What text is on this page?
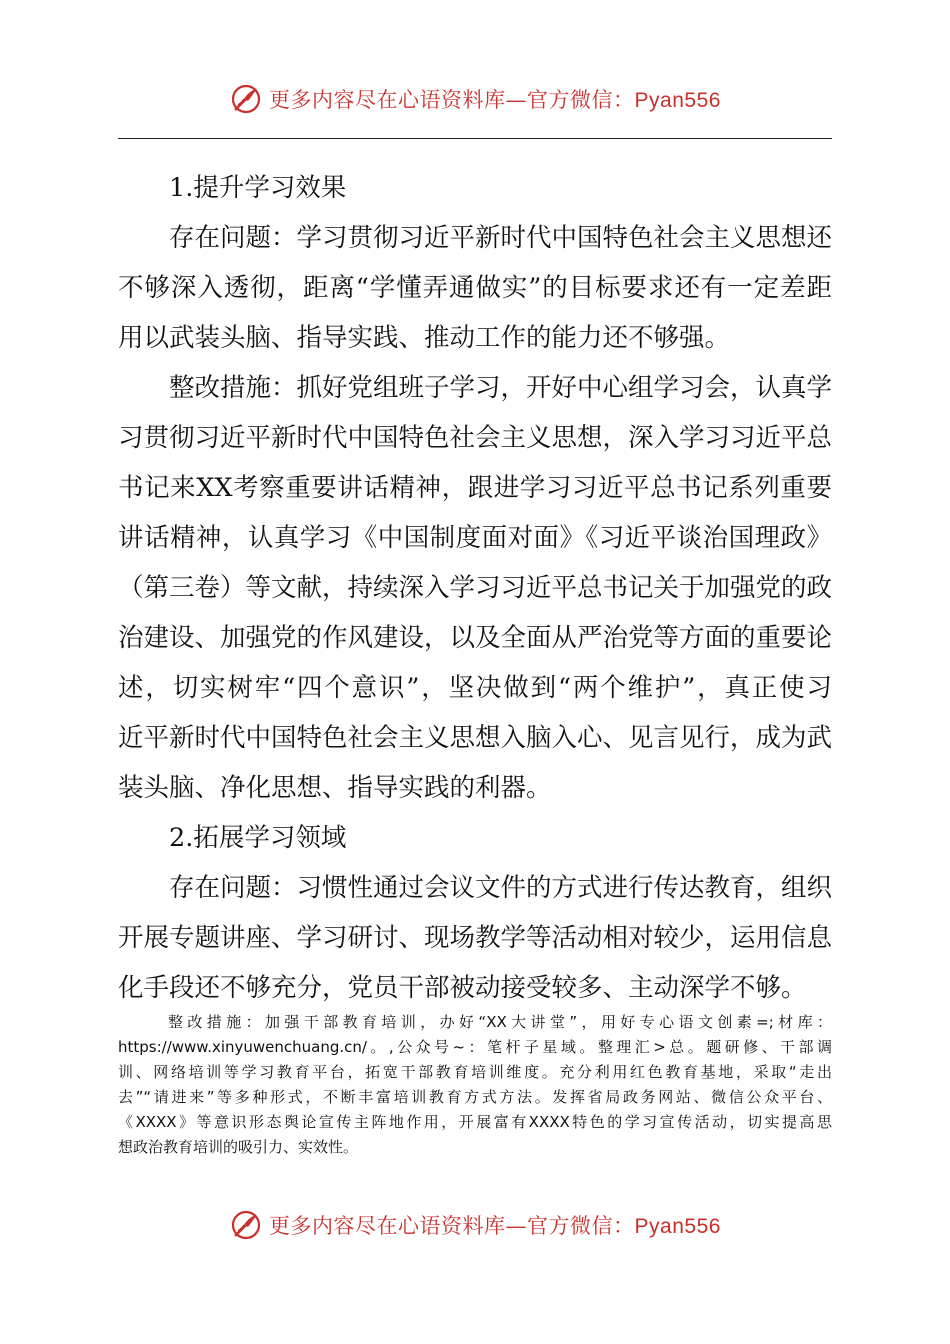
更多内容尽在心语资料库—官方微信：Pyan556
1.提升学习效果
存在问题：学习贯彻习近平新时代中国特色社会主义思想还
不够深入透彻，距离“学懂弄通做实”的目标要求还有一定差距
用以武装头脑、指导实践、推动工作的能力还不够强。
整改措施：抓好党组班子学习，开好中心组学习会，认真学
习贯彻习近平新时代中国特色社会主义思想，深入学习习近平总
书记来XX考察重要讲话精神，跟进学习习近平总书记系列重要
讲话精神，认真学习《中国制度面对面》《习近平谈治国理政》
（第三卷）等文献，持续深入学习习近平总书记关于加强党的政
治建设、加强党的作风建设，以及全面从严治党等方面的重要论
述，切实树牢“四个意识”，坚决做到“两个维护”，真正使习
近平新时代中国特色社会主义思想入脑入心、见言见行，成为武
装头脑、净化思想、指导实践的利器。
2.拓展学习领域
存在问题：习惯性通过会议文件的方式进行传达教育，组织
开展专题讲座、学习研讨、现场教学等活动相对较少，运用信息
化手段还不够充分，党员干部被动接受较多、主动深学不够。
整改措施：加强干部教育培训，办好“XX大讲堂”，用好专心语文创素=;材库：
https://www.xinyuwenchuang.cn/。,公众号~：笔杆子星域。整理汇>总。题研修、干部调
训、网络培训等学习教育平台，拓宽干部教育培训维度。充分利用红色教育基地，采取“走出
去”“请进来”等多种形式，不断丰富培训教育方式方法。发挥省局政务网站、微信公众平台、
《XXXX》等意识形态舆论宣传主阵地作用，开展富有XXXX特色的学习宣传活动，切实提高思
想政治教育培训的吸引力、实效性。
更多内容尽在心语资料库—官方微信：Pyan556
